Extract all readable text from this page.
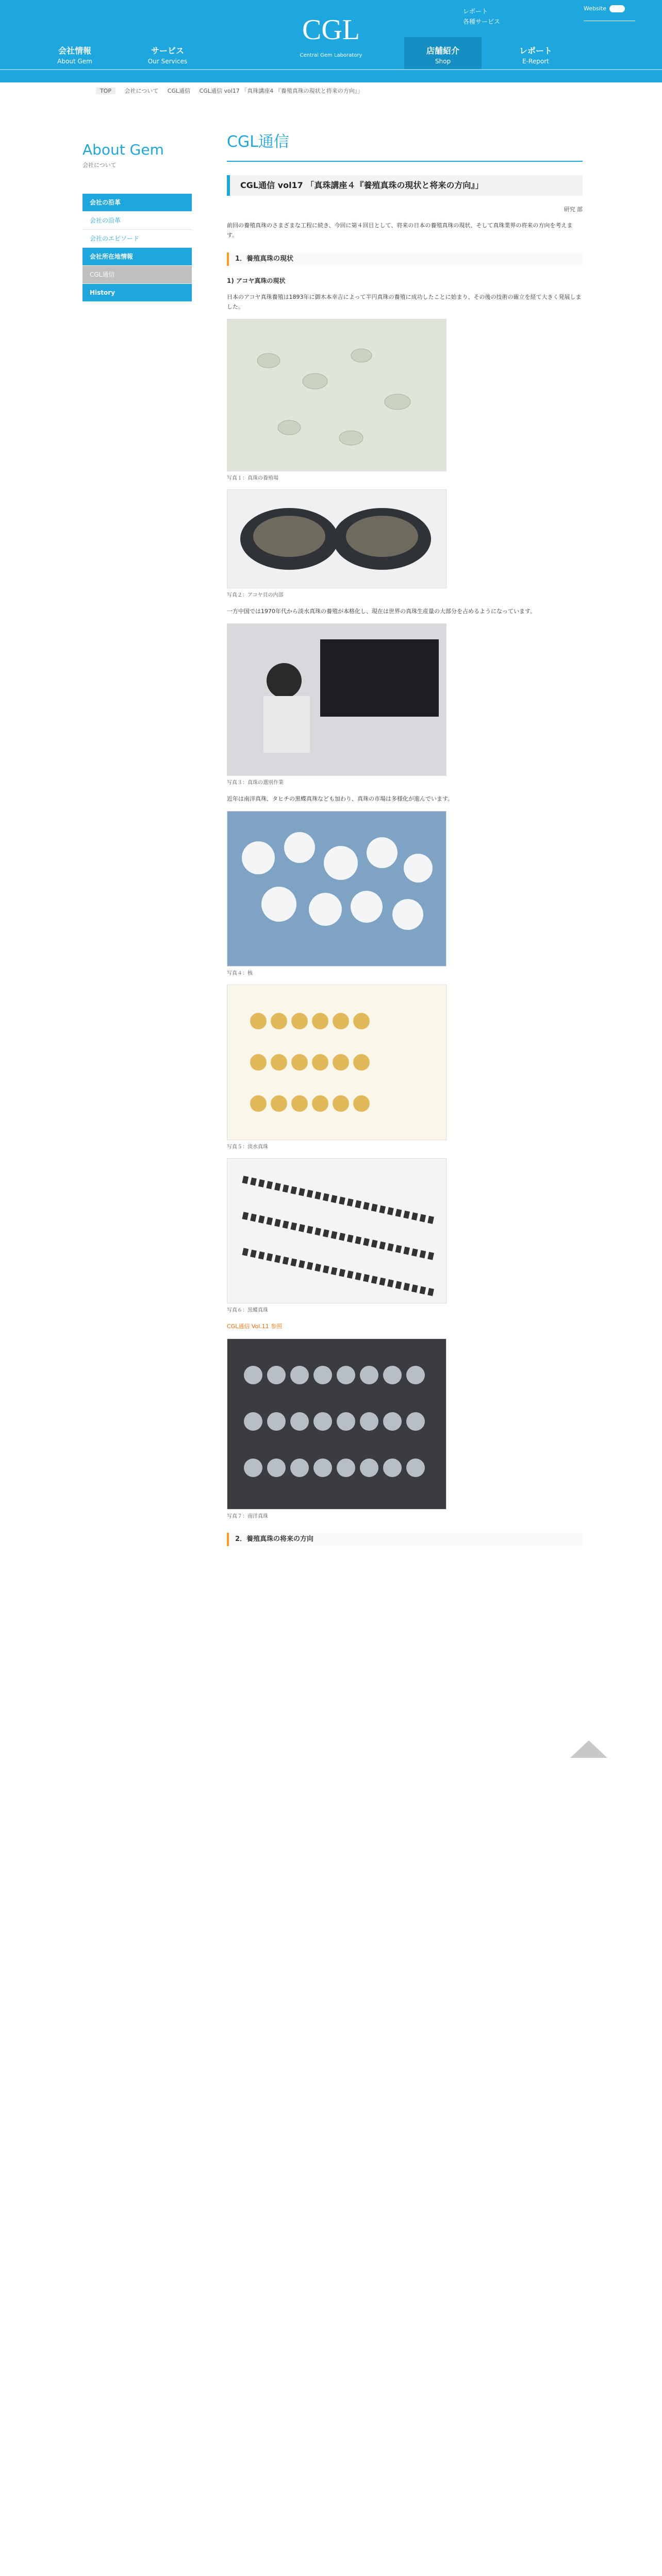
会社情報
About Gem
サービス
Our Services
CGL
Central Gem Laboratory	店舗紹介
Shop
レポート
E-Report
レポート
各種サービス
Website
TOP 会社について CGL通信 CGL通信 vol17 「真珠講座4 『養殖真珠の現状と将来の方向』」
About Gem
会社について
会社の沿革
会社の沿革
会社のエピソード
会社所在地情報
CGL通信
History
CGL通信
CGL通信 vol17 「真珠講座４『養殖真珠の現状と将来の方向』」
研究 部

前回の養殖真珠のさまざまな工程に続き、今回に第４回目として、将来の日本の養殖真珠の現状、そして真珠業界の将来の方向を考えます。

1．養殖真珠の現状
1) アコヤ真珠の現状

日本のアコヤ真珠養殖は1893年に御木本幸吉によって半円真珠の養殖に成功したことに始まり、その後の技術の確立を経て大きく発展しました。

写真１：真珠の養殖場
写真２：アコヤ貝の内部

一方中国では1970年代から淡水真珠の養殖が本格化し、現在は世界の真珠生産量の大部分を占めるようになっています。

写真３：真珠の選別作業

近年は南洋真珠、タヒチの黒蝶真珠なども加わり、真珠の市場は多様化が進んでいます。

写真４：核
写真５：淡水真珠
写真６：黒蝶真珠
CGL通信 Vol.11 参照
写真７：南洋真珠
2．養殖真珠の将来の方向
